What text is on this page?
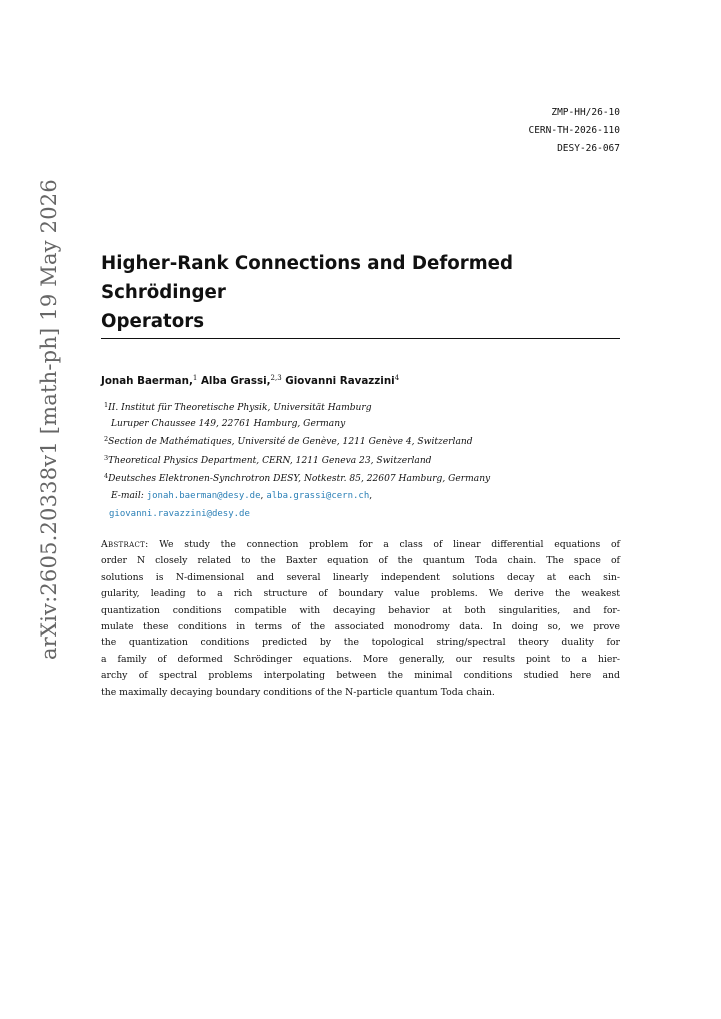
ZMP-HH/26-10
CERN-TH-2026-110
DESY-26-067
arXiv:2605.20338v1 [math-ph] 19 May 2026 Higher-Rank Connections and Deformed Schrödinger
Operators
Jonah Baerman,$^1$ Alba Grassi,$^{2,3}$ Giovanni Ravazzini$^4$
$^1$II. Institut für Theoretische Physik, Universität Hamburg
Luruper Chaussee 149, 22761 Hamburg, Germany
$^2$Section de Mathématiques, Université de Genève, 1211 Genève 4, Switzerland
$^3$Theoretical Physics Department, CERN, 1211 Geneva 23, Switzerland
$^4$Deutsches Elektronen-Synchrotron DESY, Notkestr. 85, 22607 Hamburg, Germany
E-mail: jonah.baerman@desy.de, alba.grassi@cern.ch,
giovanni.ravazzini@desy.de
Abstract: We study the connection problem for a class of linear differential equations of
order N closely related to the Baxter equation of the quantum Toda chain. The space of
solutions is N-dimensional and several linearly independent solutions decay at each sin-
gularity, leading to a rich structure of boundary value problems. We derive the weakest
quantization conditions compatible with decaying behavior at both singularities, and for-
mulate these conditions in terms of the associated monodromy data. In doing so, we prove
the quantization conditions predicted by the topological string/spectral theory duality for
a family of deformed Schrödinger equations. More generally, our results point to a hier-
archy of spectral problems interpolating between the minimal conditions studied here and
the maximally decaying boundary conditions of the N-particle quantum Toda chain.
